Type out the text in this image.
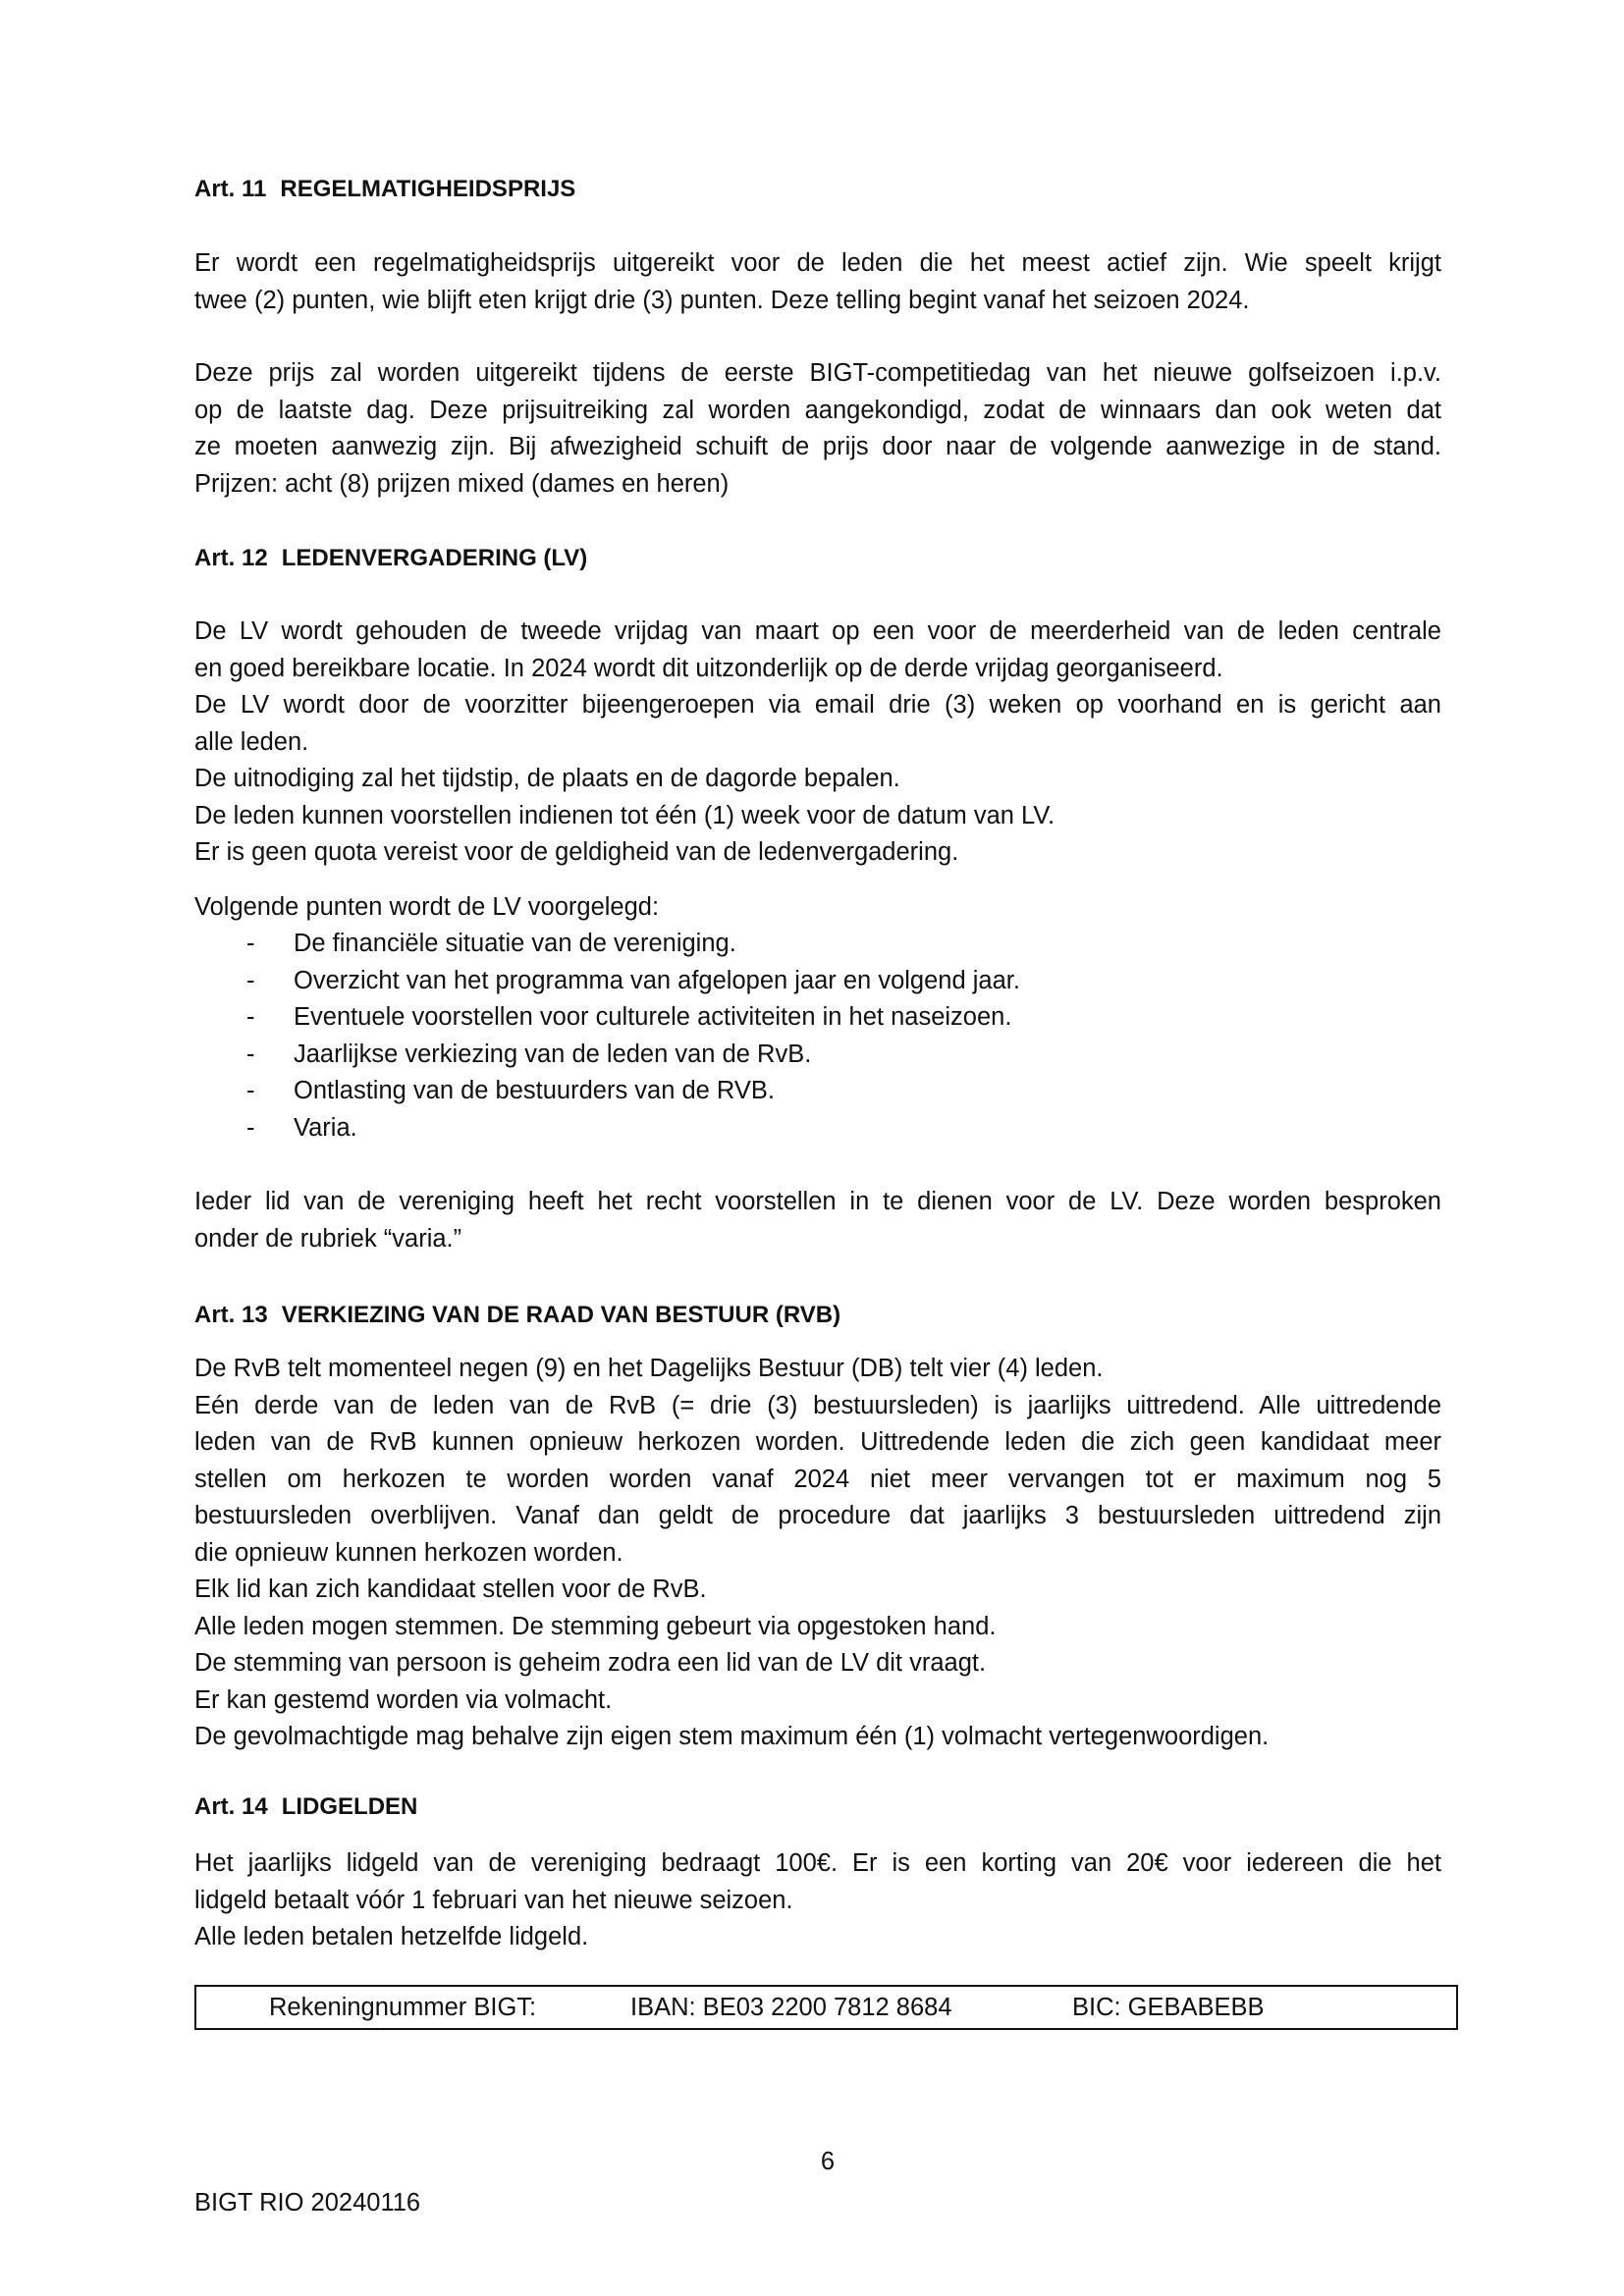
Art. 11 REGELMATIGHEIDSPRIJS
Er wordt een regelmatigheidsprijs uitgereikt voor de leden die het meest actief zijn. Wie speelt krijgt
twee (2) punten, wie blijft eten krijgt drie (3) punten. Deze telling begint vanaf het seizoen 2024.
Deze prijs zal worden uitgereikt tijdens de eerste BIGT-competitiedag van het nieuwe golfseizoen i.p.v.
op de laatste dag. Deze prijsuitreiking zal worden aangekondigd, zodat de winnaars dan ook weten dat
ze moeten aanwezig zijn. Bij afwezigheid schuift de prijs door naar de volgende aanwezige in de stand.
Prijzen: acht (8) prijzen mixed (dames en heren)
Art. 12 LEDENVERGADERING (LV)
De LV wordt gehouden de tweede vrijdag van maart op een voor de meerderheid van de leden centrale
en goed bereikbare locatie. In 2024 wordt dit uitzonderlijk op de derde vrijdag georganiseerd.
De LV wordt door de voorzitter bijeengeroepen via email drie (3) weken op voorhand en is gericht aan
alle leden.
De uitnodiging zal het tijdstip, de plaats en de dagorde bepalen.
De leden kunnen voorstellen indienen tot één (1) week voor de datum van LV.
Er is geen quota vereist voor de geldigheid van de ledenvergadering.
Volgende punten wordt de LV voorgelegd:
- De financiële situatie van de vereniging.
- Overzicht van het programma van afgelopen jaar en volgend jaar.
- Eventuele voorstellen voor culturele activiteiten in het naseizoen.
- Jaarlijkse verkiezing van de leden van de RvB.
- Ontlasting van de bestuurders van de RVB.
- Varia.
Ieder lid van de vereniging heeft het recht voorstellen in te dienen voor de LV. Deze worden besproken
onder de rubriek “varia.”
Art. 13 VERKIEZING VAN DE RAAD VAN BESTUUR (RVB)
De RvB telt momenteel negen (9) en het Dagelijks Bestuur (DB) telt vier (4) leden.
Eén derde van de leden van de RvB (= drie (3) bestuursleden) is jaarlijks uittredend. Alle uittredende
leden van de RvB kunnen opnieuw herkozen worden. Uittredende leden die zich geen kandidaat meer
stellen om herkozen te worden worden vanaf 2024 niet meer vervangen tot er maximum nog 5
bestuursleden overblijven. Vanaf dan geldt de procedure dat jaarlijks 3 bestuursleden uittredend zijn
die opnieuw kunnen herkozen worden.
Elk lid kan zich kandidaat stellen voor de RvB.
Alle leden mogen stemmen. De stemming gebeurt via opgestoken hand.
De stemming van persoon is geheim zodra een lid van de LV dit vraagt.
Er kan gestemd worden via volmacht.
De gevolmachtigde mag behalve zijn eigen stem maximum één (1) volmacht vertegenwoordigen.
Art. 14 LIDGELDEN
Het jaarlijks lidgeld van de vereniging bedraagt 100€. Er is een korting van 20€ voor iedereen die het
lidgeld betaalt vóór 1 februari van het nieuwe seizoen.
Alle leden betalen hetzelfde lidgeld.
Rekeningnummer BIGT:	IBAN: BE03 2200 7812 8684	BIC: GEBABEBB
6
BIGT RIO 20240116
